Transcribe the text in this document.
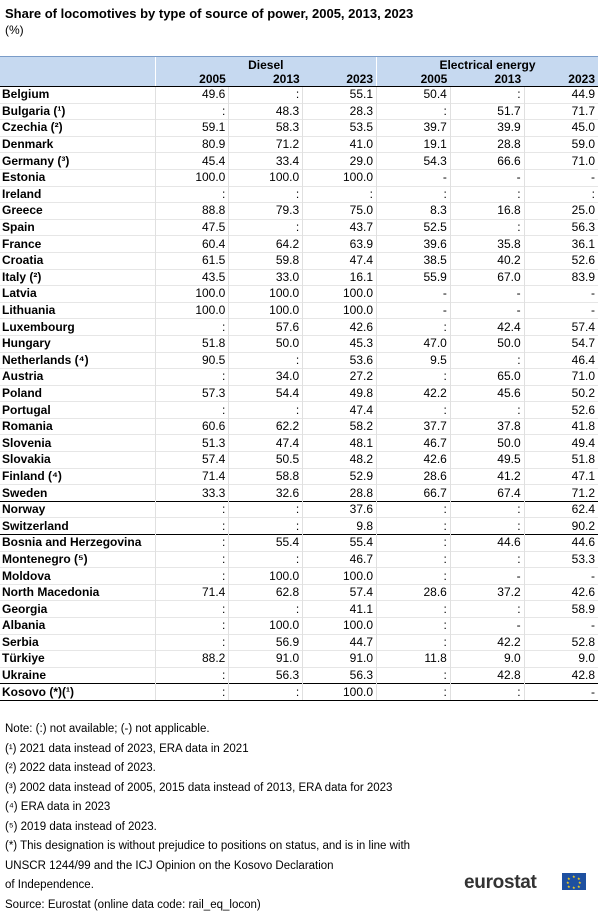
Share of locomotives by type of source of power, 2005, 2013, 2023
(%)
	Diesel			Electrical energy		
	2005	2013	2023	2005	2013	2023
Belgium	49.6	:	55.1	50.4	:	44.9
Bulgaria (¹)	:	48.3	28.3	:	51.7	71.7
Czechia (²)	59.1	58.3	53.5	39.7	39.9	45.0
Denmark	80.9	71.2	41.0	19.1	28.8	59.0
Germany (³)	45.4	33.4	29.0	54.3	66.6	71.0
Estonia	100.0	100.0	100.0	-	-	-
Ireland	:	:	:	:	:	:
Greece	88.8	79.3	75.0	8.3	16.8	25.0
Spain	47.5	:	43.7	52.5	:	56.3
France	60.4	64.2	63.9	39.6	35.8	36.1
Croatia	61.5	59.8	47.4	38.5	40.2	52.6
Italy (²)	43.5	33.0	16.1	55.9	67.0	83.9
Latvia	100.0	100.0	100.0	-	-	-
Lithuania	100.0	100.0	100.0	-	-	-
Luxembourg	:	57.6	42.6	:	42.4	57.4
Hungary	51.8	50.0	45.3	47.0	50.0	54.7
Netherlands (⁴)	90.5	:	53.6	9.5	:	46.4
Austria	:	34.0	27.2	:	65.0	71.0
Poland	57.3	54.4	49.8	42.2	45.6	50.2
Portugal	:	:	47.4	:	:	52.6
Romania	60.6	62.2	58.2	37.7	37.8	41.8
Slovenia	51.3	47.4	48.1	46.7	50.0	49.4
Slovakia	57.4	50.5	48.2	42.6	49.5	51.8
Finland (⁴)	71.4	58.8	52.9	28.6	41.2	47.1
Sweden	33.3	32.6	28.8	66.7	67.4	71.2
Norway	:	:	37.6	:	:	62.4
Switzerland	:	:	9.8	:	:	90.2
Bosnia and Herzegovina	:	55.4	55.4	:	44.6	44.6
Montenegro (⁵)	:	:	46.7	:	:	53.3
Moldova	:	100.0	100.0	:	-	-
North Macedonia	71.4	62.8	57.4	28.6	37.2	42.6
Georgia	:	:	41.1	:	:	58.9
Albania	:	100.0	100.0	:	-	-
Serbia	:	56.9	44.7	:	42.2	52.8
Türkiye	88.2	91.0	91.0	11.8	9.0	9.0
Ukraine	:	56.3	56.3	:	42.8	42.8
Kosovo (*)(¹)	:	:	100.0	:	:	-
Note: (:) not available; (-) not applicable.
(¹) 2021 data instead of 2023, ERA data in 2021
(²) 2022 data instead of 2023.
(³) 2002 data instead of 2005, 2015 data instead of 2013, ERA data for 2023
(⁴) ERA data in 2023
(⁵) 2019 data instead of 2023.
(*) This designation is without prejudice to positions on status, and is in line with
UNSCR 1244/99 and the ICJ Opinion on the Kosovo Declaration
of Independence.
Source: Eurostat (online data code: rail_eq_locon)
eurostat	★ ★
★
★
★
★
★
★
